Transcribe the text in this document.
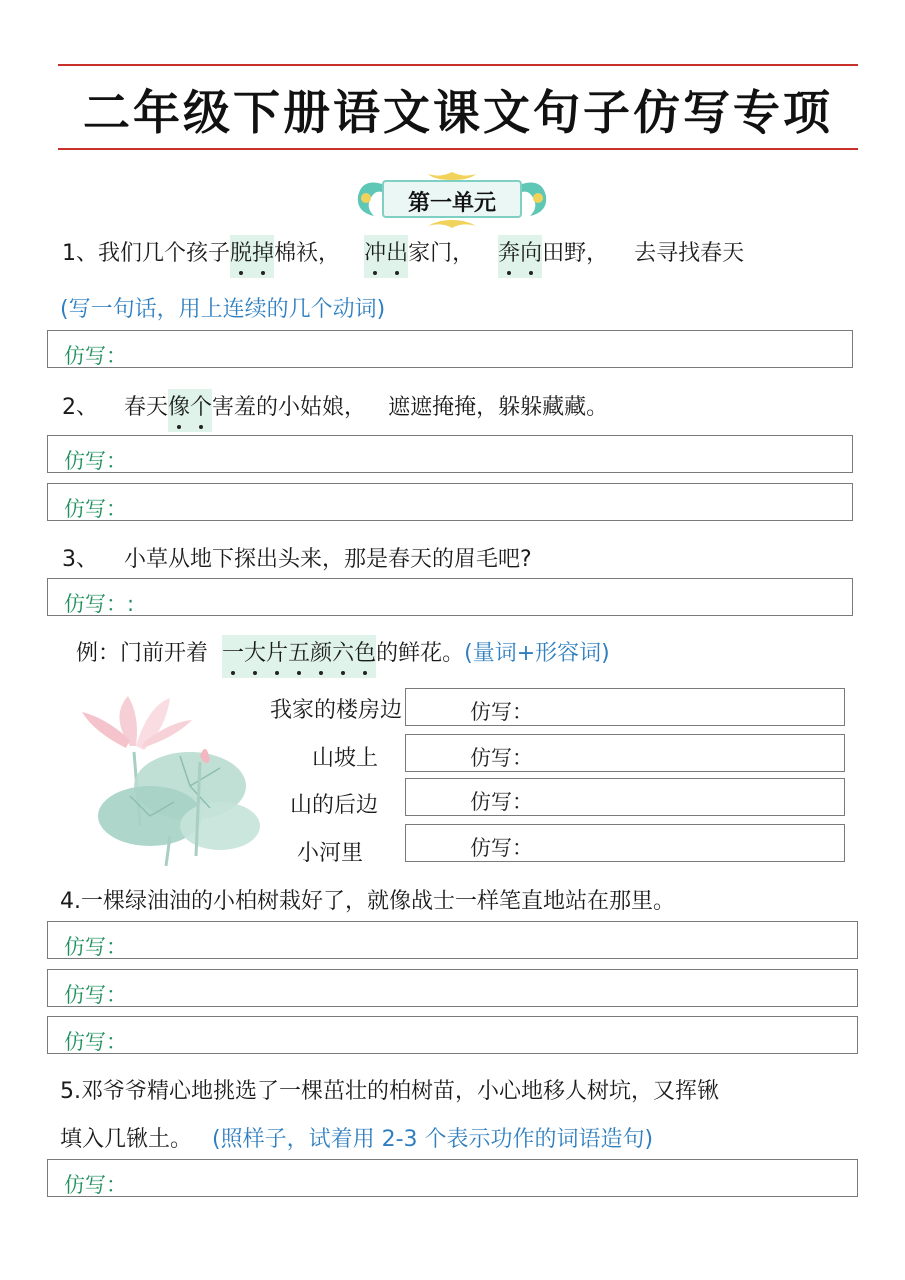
二年级下册语文课文句子仿写专项
第一单元
1、我们几个孩子脱掉棉袄， 冲出家门， 奔向田野， 去寻找春天
(写一句话，用上连续的几个动词)
仿写：
2、 春天像个害羞的小姑娘， 遮遮掩掩，躲躲藏藏。
仿写：
仿写：
3、 小草从地下探出头来，那是春天的眉毛吧?
仿写：:
例：门前开着 一大片五颜六色的鲜花。(量词+形容词)
我家的楼房边	仿写：
山坡上	仿写：
山的后边	仿写：
小河里	仿写：
4.一棵绿油油的小柏树栽好了，就像战士一样笔直地站在那里。
仿写：
仿写：
仿写：
5.邓爷爷精心地挑选了一棵茁壮的柏树苗，小心地移人树坑，又挥锹
填入几锹土。 (照样子，试着用 2-3 个表示功作的词语造句)
仿写：
